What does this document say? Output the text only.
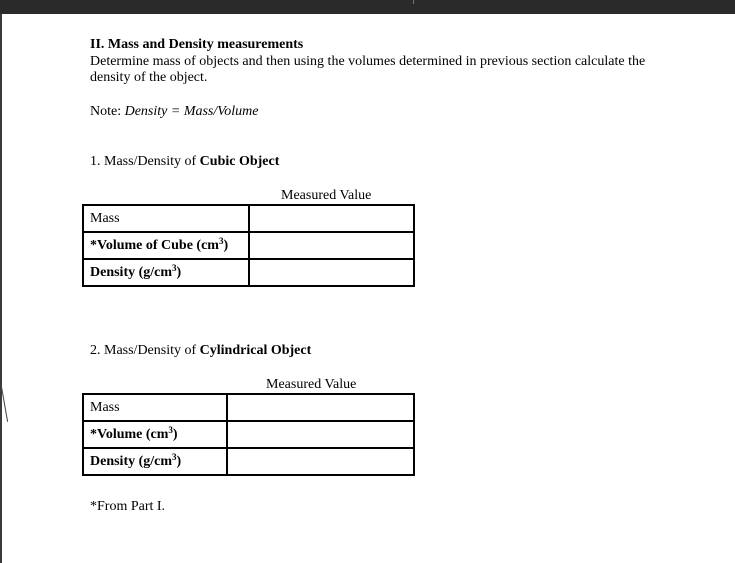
II. Mass and Density measurements
Determine mass of objects and then using the volumes determined in previous section calculate the
density of the object.
Note: Density = Mass/Volume
1. Mass/Density of Cubic Object
Measured Value
Mass	
*Volume of Cube $(cm^3)$	
Density $(g/cm^3)$	
2. Mass/Density of Cylindrical Object
Measured Value
Mass	
*Volume $(cm^3)$	
Density $(g/cm^3)$	
*From Part I.
